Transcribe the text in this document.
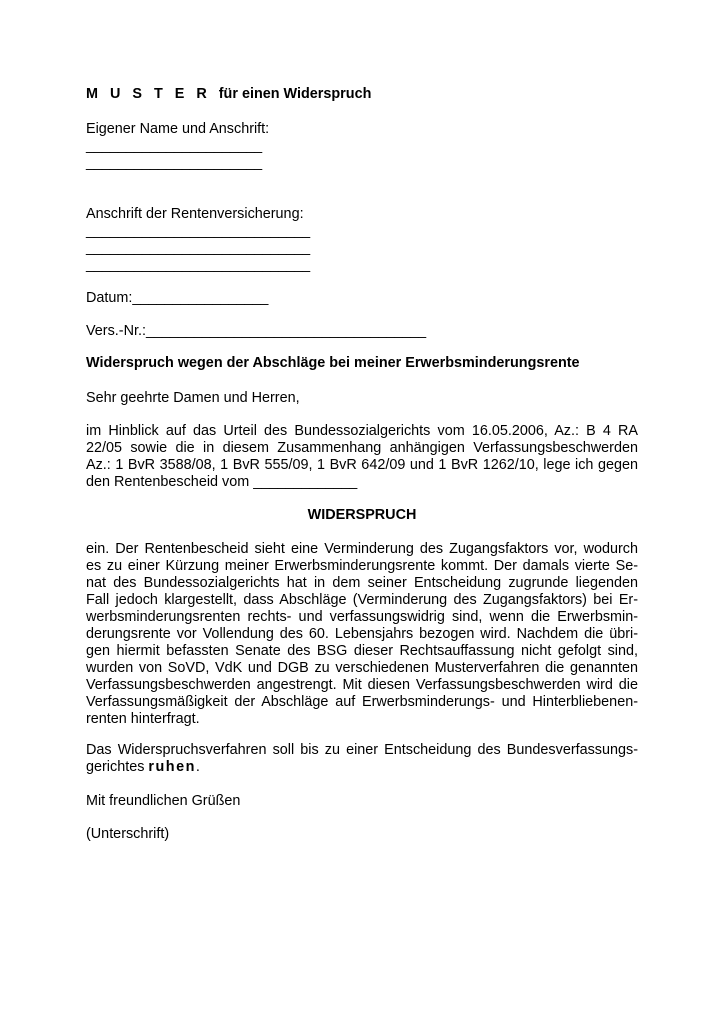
M U S T E R für einen Widerspruch
Eigener Name und Anschrift:
______________________
______________________
Anschrift der Rentenversicherung:
____________________________
____________________________
____________________________
Datum:_________________
Vers.-Nr.:___________________________________
Widerspruch wegen der Abschläge bei meiner Erwerbsminderungsrente
Sehr geehrte Damen und Herren,
im Hinblick auf das Urteil des Bundessozialgerichts vom 16.05.2006, Az.: B 4 RA
22/05 sowie die in diesem Zusammenhang anhängigen Verfassungsbeschwerden
Az.: 1 BvR 3588/08, 1 BvR 555/09, 1 BvR 642/09 und 1 BvR 1262/10, lege ich gegen
den Rentenbescheid vom _____________
WIDERSPRUCH
ein. Der Rentenbescheid sieht eine Verminderung des Zugangsfaktors vor, wodurch
es zu einer Kürzung meiner Erwerbsminderungsrente kommt. Der damals vierte Se-
nat des Bundessozialgerichts hat in dem seiner Entscheidung zugrunde liegenden
Fall jedoch klargestellt, dass Abschläge (Verminderung des Zugangsfaktors) bei Er-
werbsminderungsrenten rechts- und verfassungswidrig sind, wenn die Erwerbsmin-
derungsrente vor Vollendung des 60. Lebensjahrs bezogen wird. Nachdem die übri-
gen hiermit befassten Senate des BSG dieser Rechtsauffassung nicht gefolgt sind,
wurden von SoVD, VdK und DGB zu verschiedenen Musterverfahren die genannten
Verfassungsbeschwerden angestrengt. Mit diesen Verfassungsbeschwerden wird die
Verfassungsmäßigkeit der Abschläge auf Erwerbsminderungs- und Hinterbliebenen-
renten hinterfragt.
Das Widerspruchsverfahren soll bis zu einer Entscheidung des Bundesverfassungs-
gerichtes ruhen.
Mit freundlichen Grüßen
(Unterschrift)
